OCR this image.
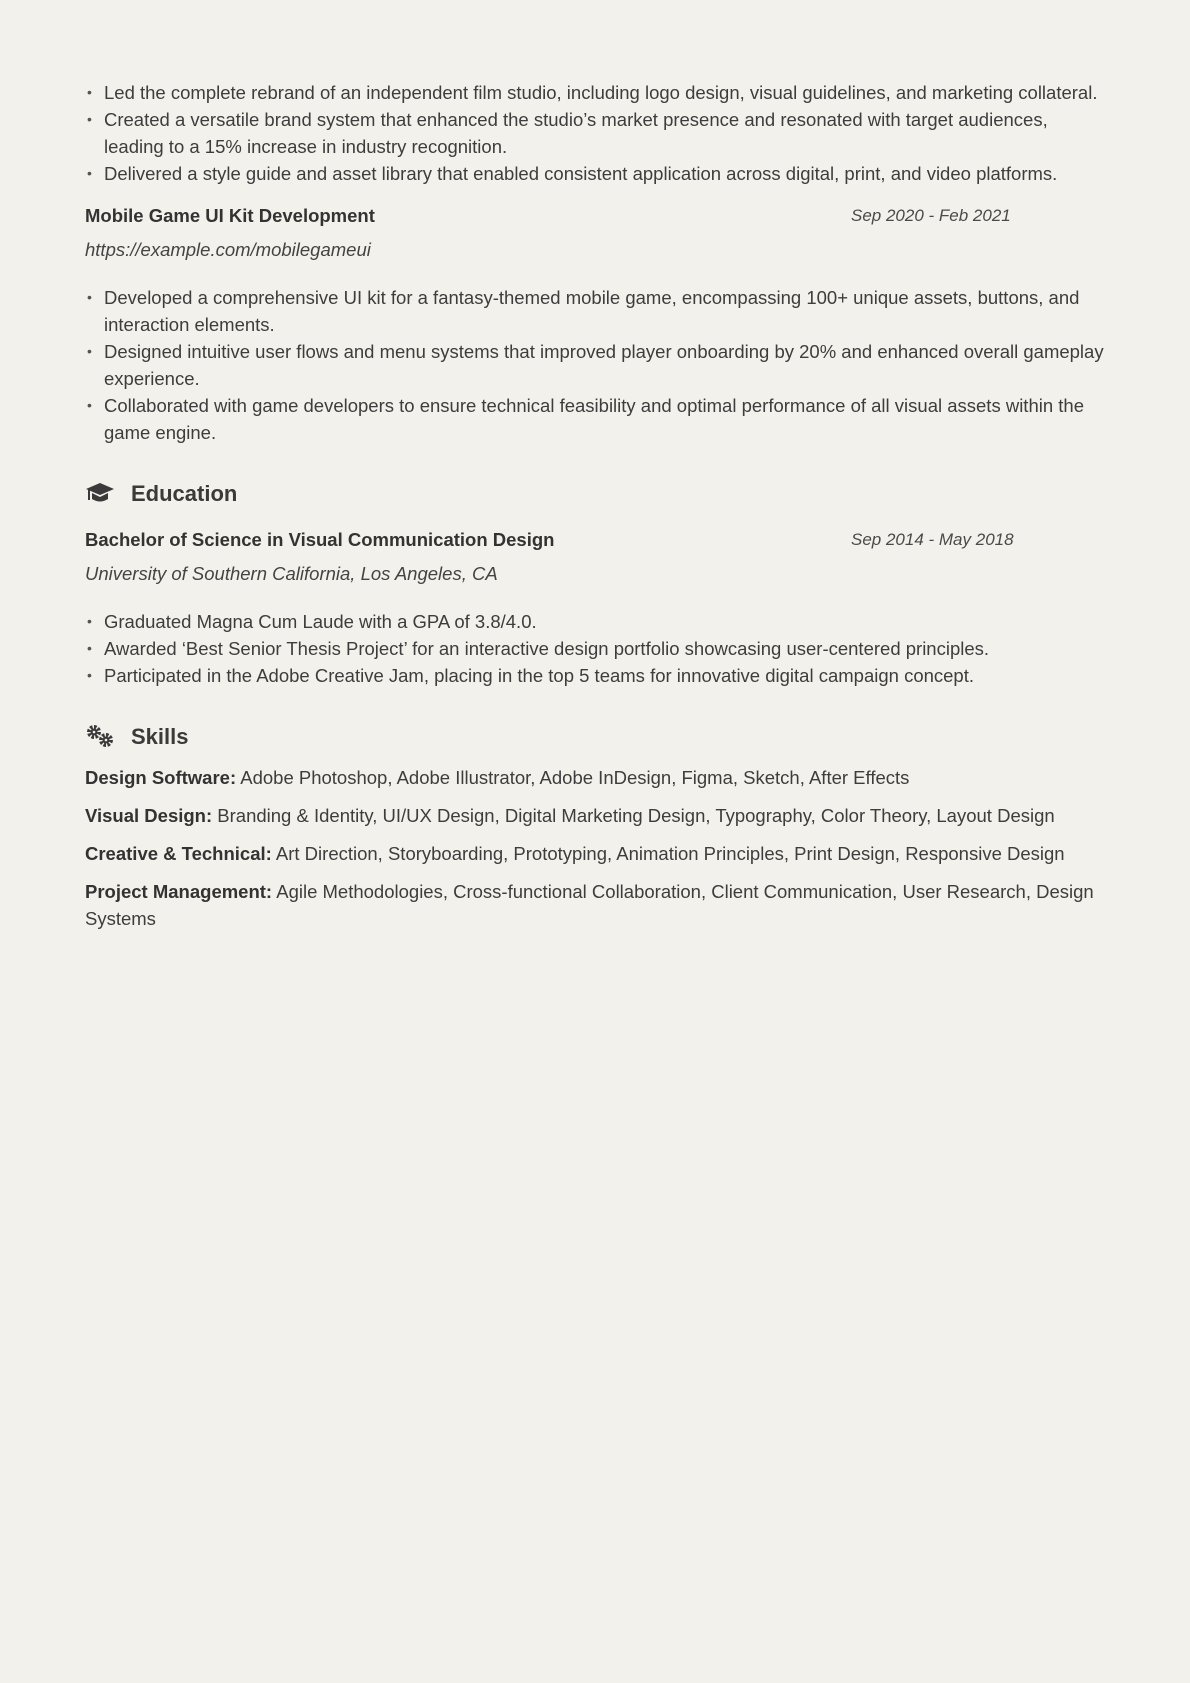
• Led the complete rebrand of an independent film studio, including logo design, visual guidelines, and marketing collateral.
• Created a versatile brand system that enhanced the studio’s market presence and resonated with target audiences, leading to a 15% increase in industry recognition.
• Delivered a style guide and asset library that enabled consistent application across digital, print, and video platforms.
Mobile Game UI Kit Development	Sep 2020 - Feb 2021
https://example.com/mobilegameui
• Developed a comprehensive UI kit for a fantasy-themed mobile game, encompassing 100+ unique assets, buttons, and interaction elements.
• Designed intuitive user flows and menu systems that improved player onboarding by 20% and enhanced overall gameplay experience.
• Collaborated with game developers to ensure technical feasibility and optimal performance of all visual assets within the game engine.
Education
Bachelor of Science in Visual Communication Design	Sep 2014 - May 2018
University of Southern California, Los Angeles, CA
• Graduated Magna Cum Laude with a GPA of 3.8/4.0.
• Awarded ‘Best Senior Thesis Project’ for an interactive design portfolio showcasing user-centered principles.
• Participated in the Adobe Creative Jam, placing in the top 5 teams for innovative digital campaign concept.
Skills
Design Software: Adobe Photoshop, Adobe Illustrator, Adobe InDesign, Figma, Sketch, After Effects
Visual Design: Branding & Identity, UI/UX Design, Digital Marketing Design, Typography, Color Theory, Layout Design
Creative & Technical: Art Direction, Storyboarding, Prototyping, Animation Principles, Print Design, Responsive Design
Project Management: Agile Methodologies, Cross-functional Collaboration, Client Communication, User Research, Design Systems
